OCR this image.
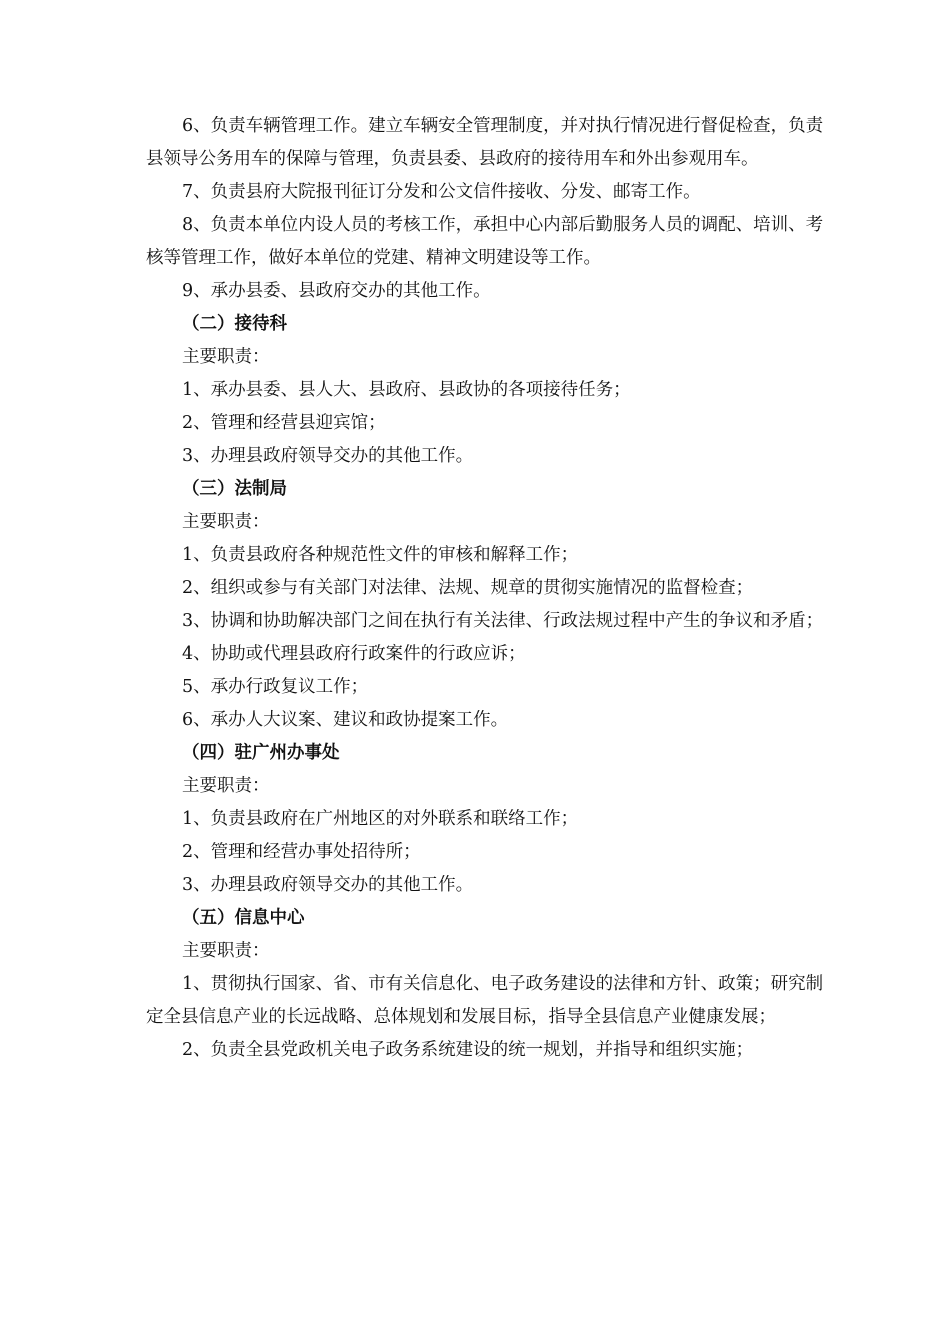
6、负责车辆管理工作。建立车辆安全管理制度，并对执行情况进行督促检查，负责县领导公务用车的保障与管理，负责县委、县政府的接待用车和外出参观用车。

7、负责县府大院报刊征订分发和公文信件接收、分发、邮寄工作。

8、负责本单位内设人员的考核工作，承担中心内部后勤服务人员的调配、培训、考核等管理工作，做好本单位的党建、精神文明建设等工作。

9、承办县委、县政府交办的其他工作。

（二）接待科

主要职责：

1、承办县委、县人大、县政府、县政协的各项接待任务；

2、管理和经营县迎宾馆；

3、办理县政府领导交办的其他工作。

（三）法制局

主要职责：

1、负责县政府各种规范性文件的审核和解释工作；

2、组织或参与有关部门对法律、法规、规章的贯彻实施情况的监督检查；

3、协调和协助解决部门之间在执行有关法律、行政法规过程中产生的争议和矛盾；

4、协助或代理县政府行政案件的行政应诉；

5、承办行政复议工作；

6、承办人大议案、建议和政协提案工作。

（四）驻广州办事处

主要职责：

1、负责县政府在广州地区的对外联系和联络工作；

2、管理和经营办事处招待所；

3、办理县政府领导交办的其他工作。

（五）信息中心

主要职责：

1、贯彻执行国家、省、市有关信息化、电子政务建设的法律和方针、政策；研究制定全县信息产业的长远战略、总体规划和发展目标，指导全县信息产业健康发展；

2、负责全县党政机关电子政务系统建设的统一规划，并指导和组织实施；
